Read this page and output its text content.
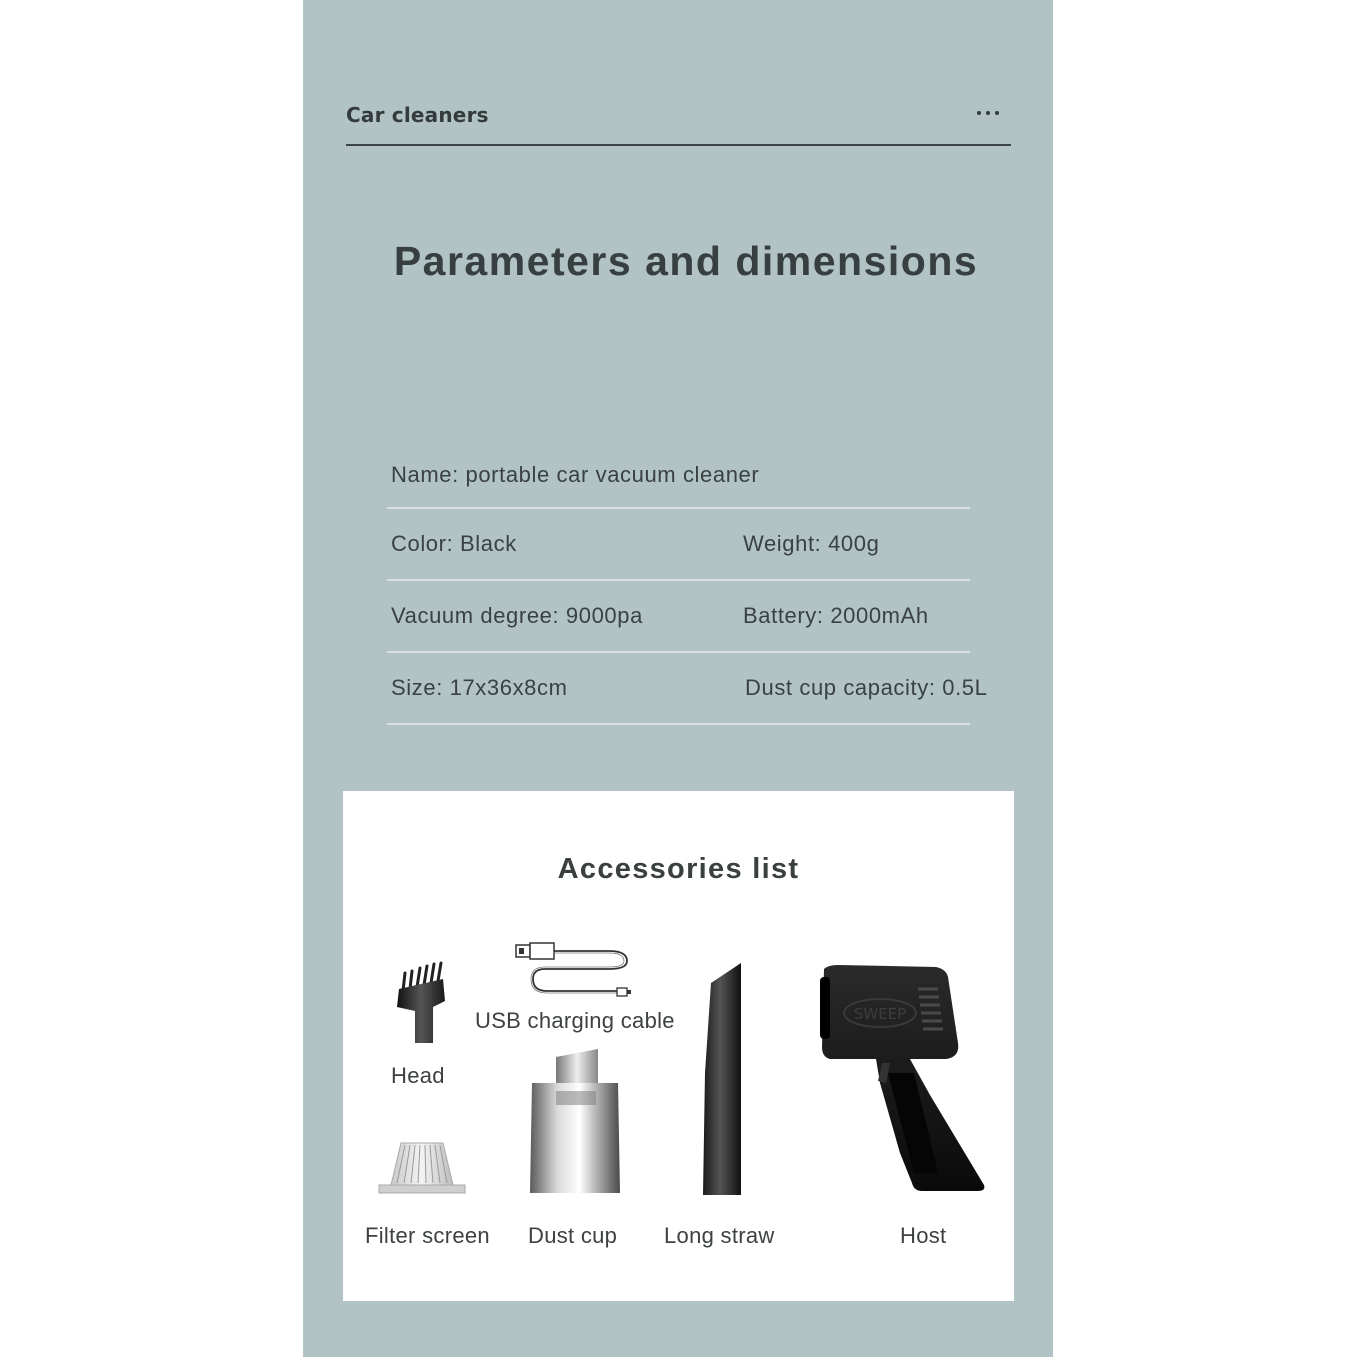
Car cleaners
Parameters and dimensions
Name: portable car vacuum cleaner
Color: Black	Weight: 400g
Vacuum degree: 9000pa	Battery: 2000mAh
Size: 17x36x8cm	Dust cup capacity: 0.5L
Accessories list
Head
USB charging cable
Filter screen Dust cup Long straw
SWEEP
Host
